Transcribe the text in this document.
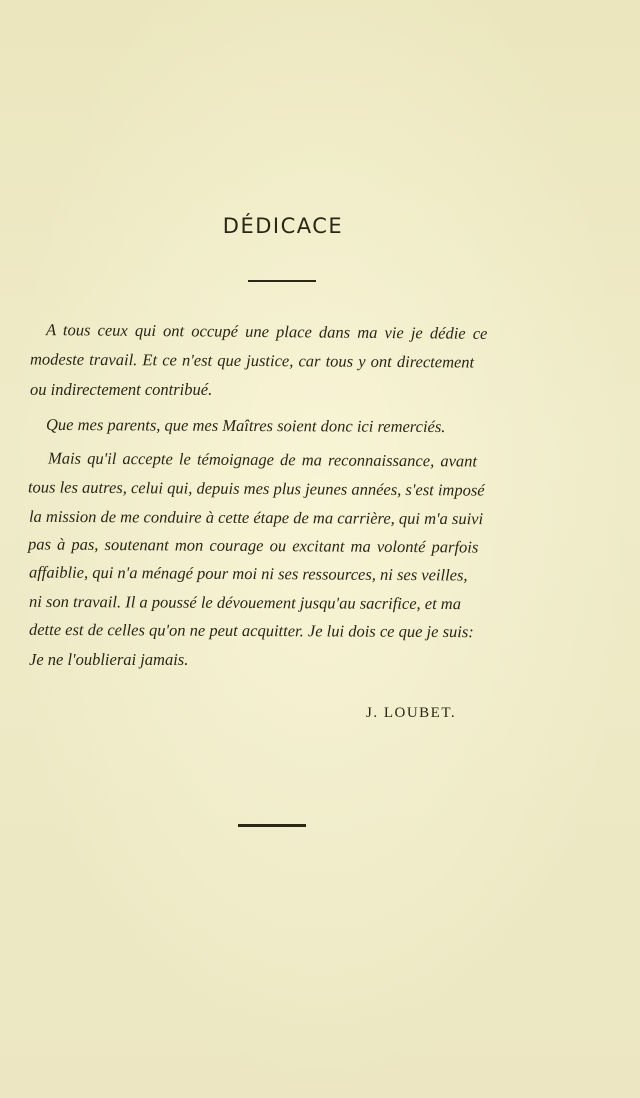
DÉDICACE
A tous ceux qui ont occupé une place dans ma vie je dédie ce
modeste travail. Et ce n'est que justice, car tous y ont directement
ou indirectement contribué.
Que mes parents, que mes Maîtres soient donc ici remerciés.
Mais qu'il accepte le témoignage de ma reconnaissance, avant
tous les autres, celui qui, depuis mes plus jeunes années, s'est imposé
la mission de me conduire à cette étape de ma carrière, qui m'a suivi
pas à pas, soutenant mon courage ou excitant ma volonté parfois
affaiblie, qui n'a ménagé pour moi ni ses ressources, ni ses veilles,
ni son travail. Il a poussé le dévouement jusqu'au sacrifice, et ma
dette est de celles qu'on ne peut acquitter. Je lui dois ce que je suis:
Je ne l'oublierai jamais.
J. LOUBET.
